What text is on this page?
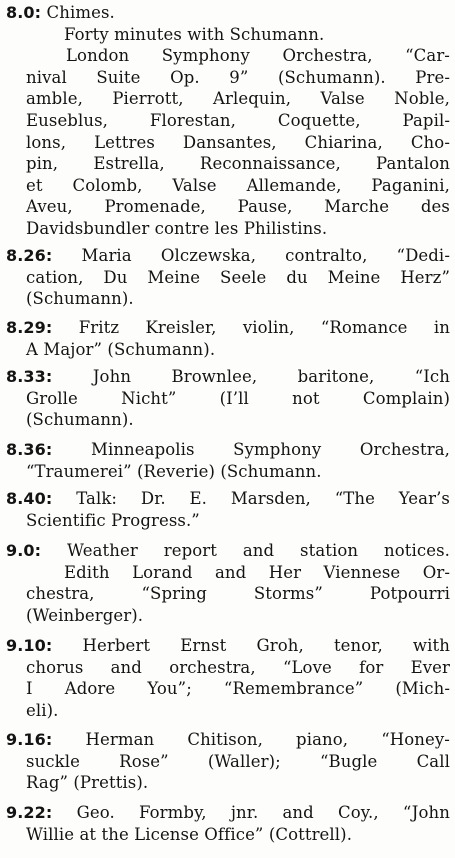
8.0: Chimes.
Forty minutes with Schumann.
London Symphony Orchestra, “Car-
nival Suite Op. 9” (Schumann). Pre-
amble, Pierrott, Arlequin, Valse Noble,
Euseblus, Florestan, Coquette, Papil-
lons, Lettres Dansantes, Chiarina, Cho-
pin, Estrella, Reconnaissance, Pantalon
et Colomb, Valse Allemande, Paganini,
Aveu, Promenade, Pause, Marche des
Davidsbundler contre les Philistins.
8.26: Maria Olczewska, contralto, “Dedi-
cation, Du Meine Seele du Meine Herz”
(Schumann).
8.29: Fritz Kreisler, violin, “Romance in
A Major” (Schumann).
8.33: John Brownlee, baritone, “Ich
Grolle Nicht” (I’ll not Complain)
(Schumann).
8.36: Minneapolis Symphony Orchestra,
“Traumerei” (Reverie) (Schumann.
8.40: Talk: Dr. E. Marsden, “The Year’s
Scientific Progress.”
9.0: Weather report and station notices.
Edith Lorand and Her Viennese Or-
chestra, “Spring Storms” Potpourri
(Weinberger).
9.10: Herbert Ernst Groh, tenor, with
chorus and orchestra, “Love for Ever
I Adore You”; “Remembrance” (Mich-
eli).
9.16: Herman Chitison, piano, “Honey-
suckle Rose” (Waller); “Bugle Call
Rag” (Prettis).
9.22: Geo. Formby, jnr. and Coy., “John
Willie at the License Office” (Cottrell).
